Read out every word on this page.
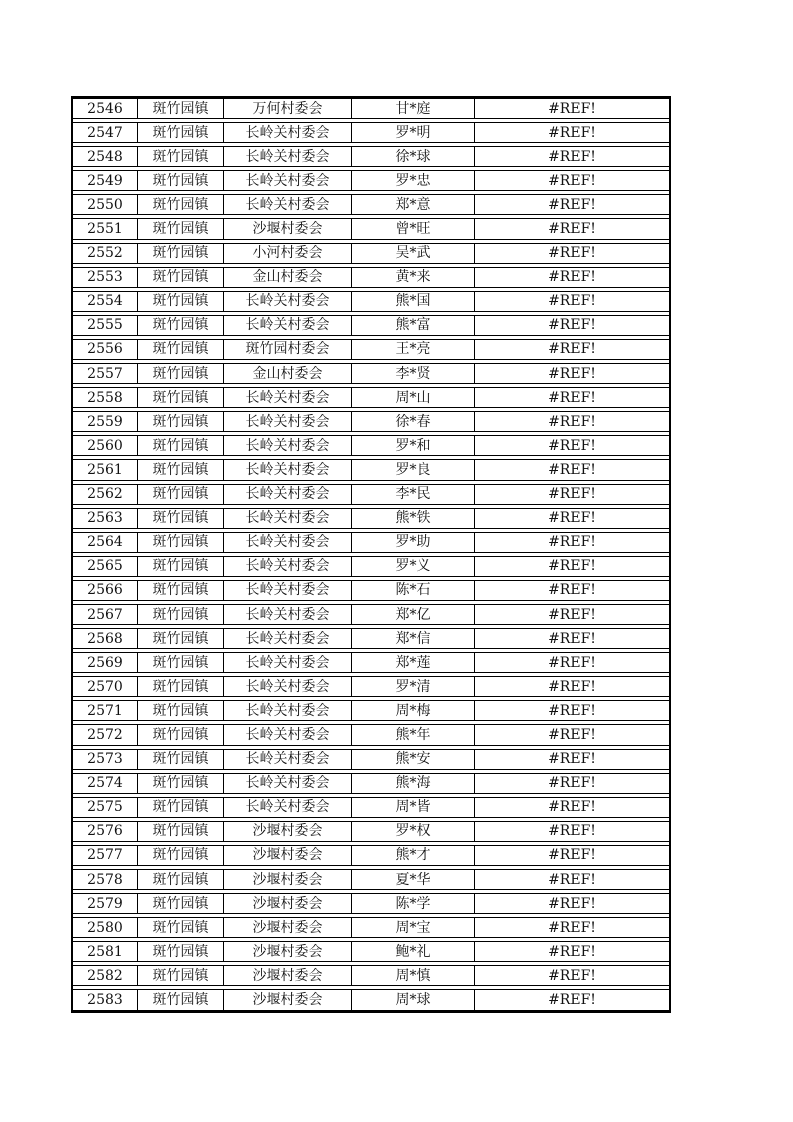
2546	斑竹园镇	万何村委会	甘*庭	#REF!
2547	斑竹园镇	长岭关村委会	罗*明	#REF!
2548	斑竹园镇	长岭关村委会	徐*球	#REF!
2549	斑竹园镇	长岭关村委会	罗*忠	#REF!
2550	斑竹园镇	长岭关村委会	郑*意	#REF!
2551	斑竹园镇	沙堰村委会	曾*旺	#REF!
2552	斑竹园镇	小河村委会	吴*武	#REF!
2553	斑竹园镇	金山村委会	黄*来	#REF!
2554	斑竹园镇	长岭关村委会	熊*国	#REF!
2555	斑竹园镇	长岭关村委会	熊*富	#REF!
2556	斑竹园镇	斑竹园村委会	王*亮	#REF!
2557	斑竹园镇	金山村委会	李*贤	#REF!
2558	斑竹园镇	长岭关村委会	周*山	#REF!
2559	斑竹园镇	长岭关村委会	徐*春	#REF!
2560	斑竹园镇	长岭关村委会	罗*和	#REF!
2561	斑竹园镇	长岭关村委会	罗*良	#REF!
2562	斑竹园镇	长岭关村委会	李*民	#REF!
2563	斑竹园镇	长岭关村委会	熊*铁	#REF!
2564	斑竹园镇	长岭关村委会	罗*助	#REF!
2565	斑竹园镇	长岭关村委会	罗*义	#REF!
2566	斑竹园镇	长岭关村委会	陈*石	#REF!
2567	斑竹园镇	长岭关村委会	郑*亿	#REF!
2568	斑竹园镇	长岭关村委会	郑*信	#REF!
2569	斑竹园镇	长岭关村委会	郑*莲	#REF!
2570	斑竹园镇	长岭关村委会	罗*清	#REF!
2571	斑竹园镇	长岭关村委会	周*梅	#REF!
2572	斑竹园镇	长岭关村委会	熊*年	#REF!
2573	斑竹园镇	长岭关村委会	熊*安	#REF!
2574	斑竹园镇	长岭关村委会	熊*海	#REF!
2575	斑竹园镇	长岭关村委会	周*皆	#REF!
2576	斑竹园镇	沙堰村委会	罗*权	#REF!
2577	斑竹园镇	沙堰村委会	熊*才	#REF!
2578	斑竹园镇	沙堰村委会	夏*华	#REF!
2579	斑竹园镇	沙堰村委会	陈*学	#REF!
2580	斑竹园镇	沙堰村委会	周*宝	#REF!
2581	斑竹园镇	沙堰村委会	鲍*礼	#REF!
2582	斑竹园镇	沙堰村委会	周*慎	#REF!
2583	斑竹园镇	沙堰村委会	周*球	#REF!
